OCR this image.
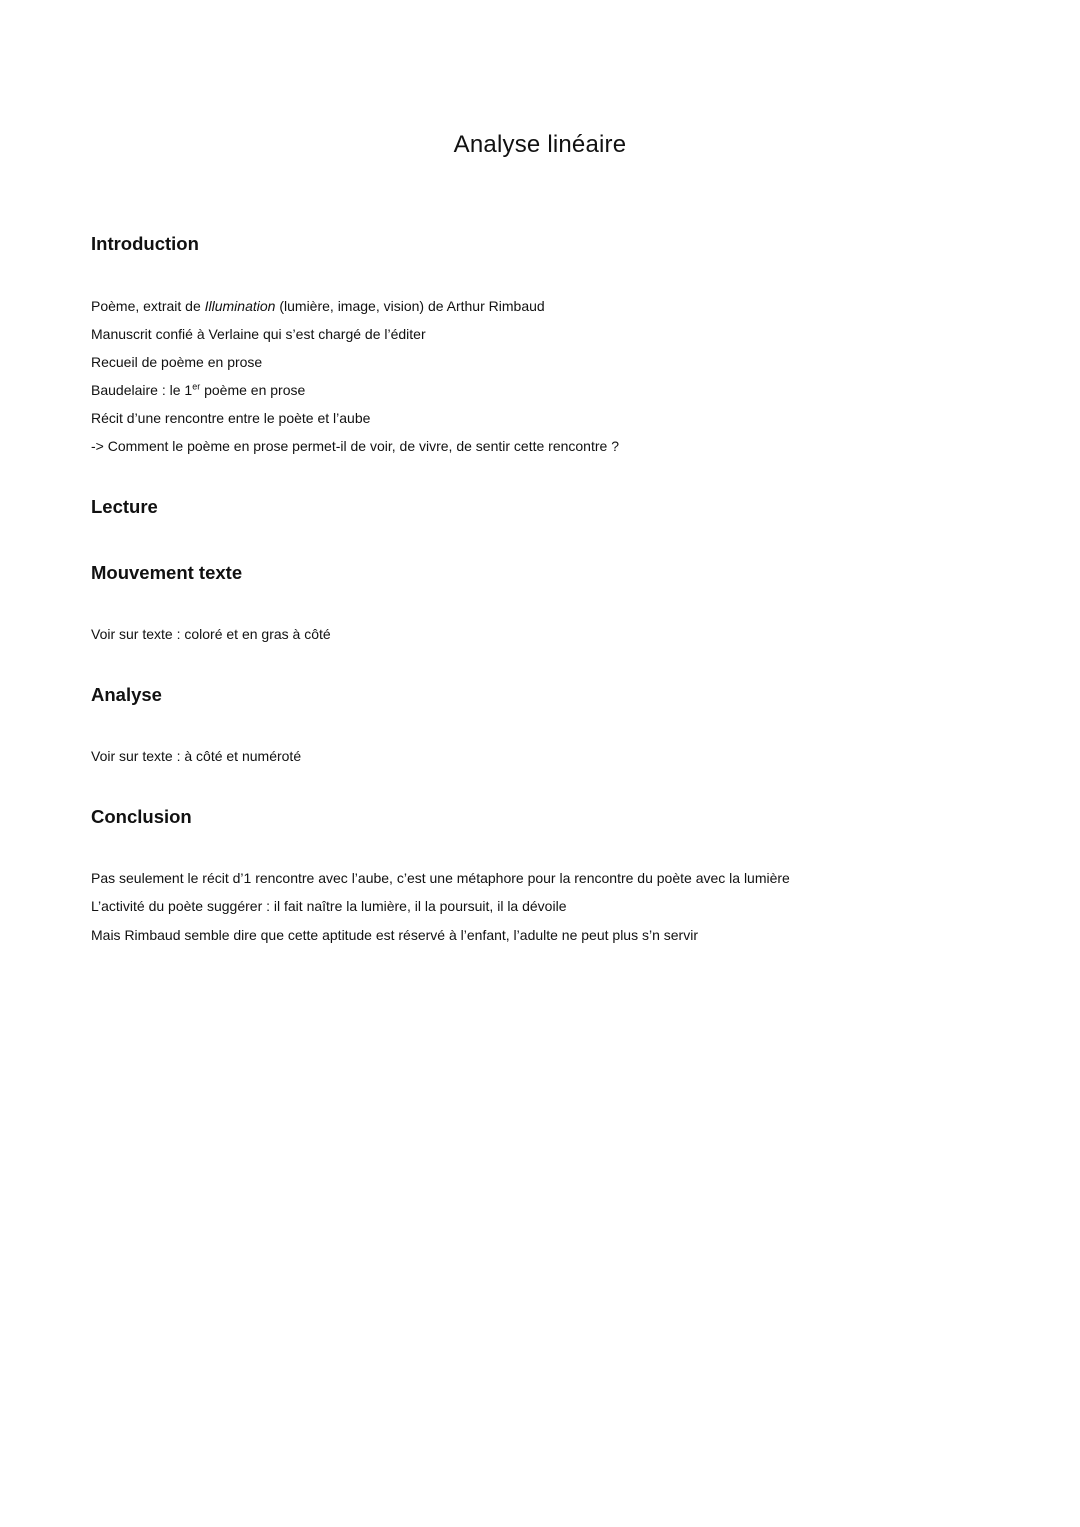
Analyse linéaire
Introduction

Poème, extrait de Illumination (lumière, image, vision) de Arthur Rimbaud

Manuscrit confié à Verlaine qui s’est chargé de l’éditer

Recueil de poème en prose

Baudelaire : le 1er poème en prose

Récit d’une rencontre entre le poète et l’aube

-> Comment le poème en prose permet-il de voir, de vivre, de sentir cette rencontre ?

Lecture
Mouvement texte

Voir sur texte : coloré et en gras à côté

Analyse

Voir sur texte : à côté et numéroté

Conclusion

Pas seulement le récit d’1 rencontre avec l’aube, c’est une métaphore pour la rencontre du poète avec la lumière

L’activité du poète suggérer : il fait naître la lumière, il la poursuit, il la dévoile

Mais Rimbaud semble dire que cette aptitude est réservé à l’enfant, l’adulte ne peut plus s’n servir
